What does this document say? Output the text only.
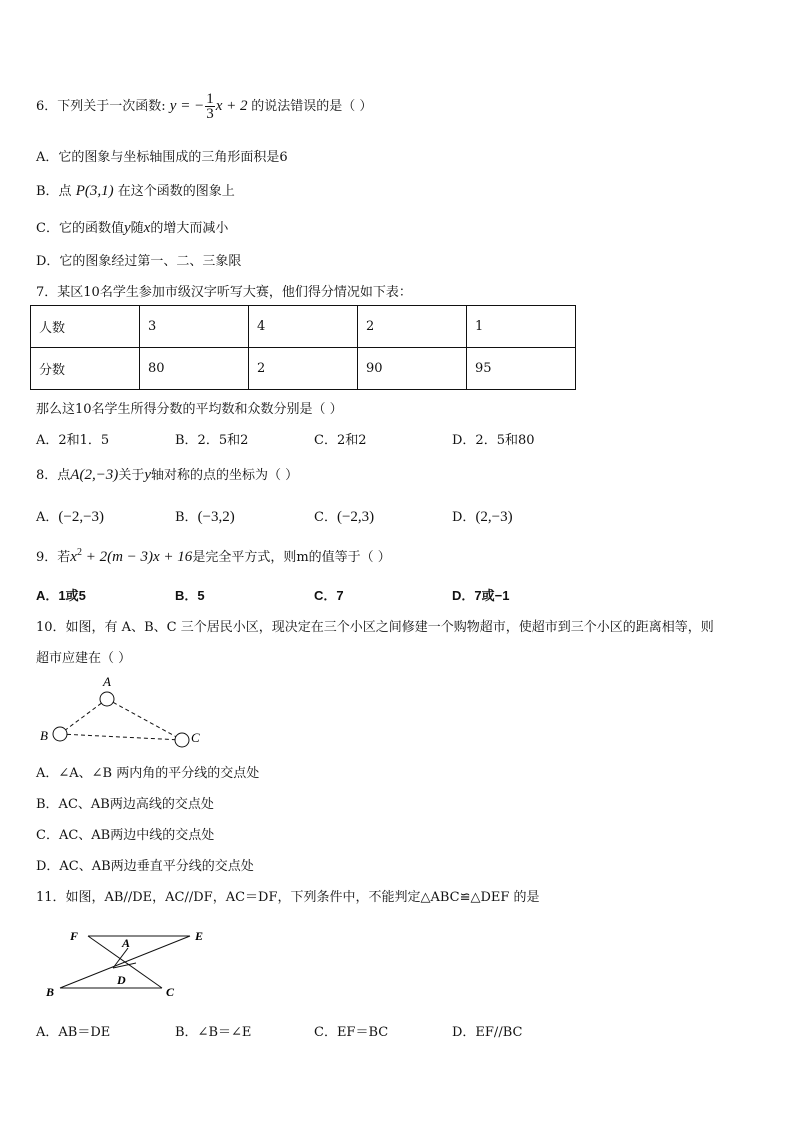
6．下列关于一次函数: y = − $\frac{1}{3}$ x + 2 的说法错误的是（ ）
A．它的图象与坐标轴围成的三角形面积是6
B．点 P(3,1) 在这个函数的图象上
C．它的函数值y随x的增大而减小
D．它的图象经过第一、二、三象限
7．某区10名学生参加市级汉字听写大赛，他们得分情况如下表：
人数	3	4	2	1
分数	80	2	90	95
那么这10名学生所得分数的平均数和众数分别是（ ）
A．2和1．5	B．2．5和2	C．2和2	D．2．5和80
8．点A(2,−3)关于y轴对称的点的坐标为（ ）
A．(−2,−3)	B．(−3,2)	C．(−2,3)	D．(2,−3)
9．若$x^2 + 2(m - 3)x + 16$是完全平方式，则m的值等于（ ）
A．1或5	B．5	C．7	D．7或−1
10．如图，有 A、B、C 三个居民小区，现决定在三个小区之间修建一个购物超市，使超市到三个小区的距离相等，则
超市应建在（ ）
A
B	C
A．∠A、∠B 两内角的平分线的交点处
B．AC、AB两边高线的交点处
C．AC、AB两边中线的交点处
D．AC、AB两边垂直平分线的交点处
11．如图，AB//DE，AC//DF，AC＝DF，下列条件中，不能判定△ABC≌△DEF 的是
F	A	E
D
B	C
A．AB＝DE	B．∠B＝∠E	C．EF＝BC	D．EF//BC
